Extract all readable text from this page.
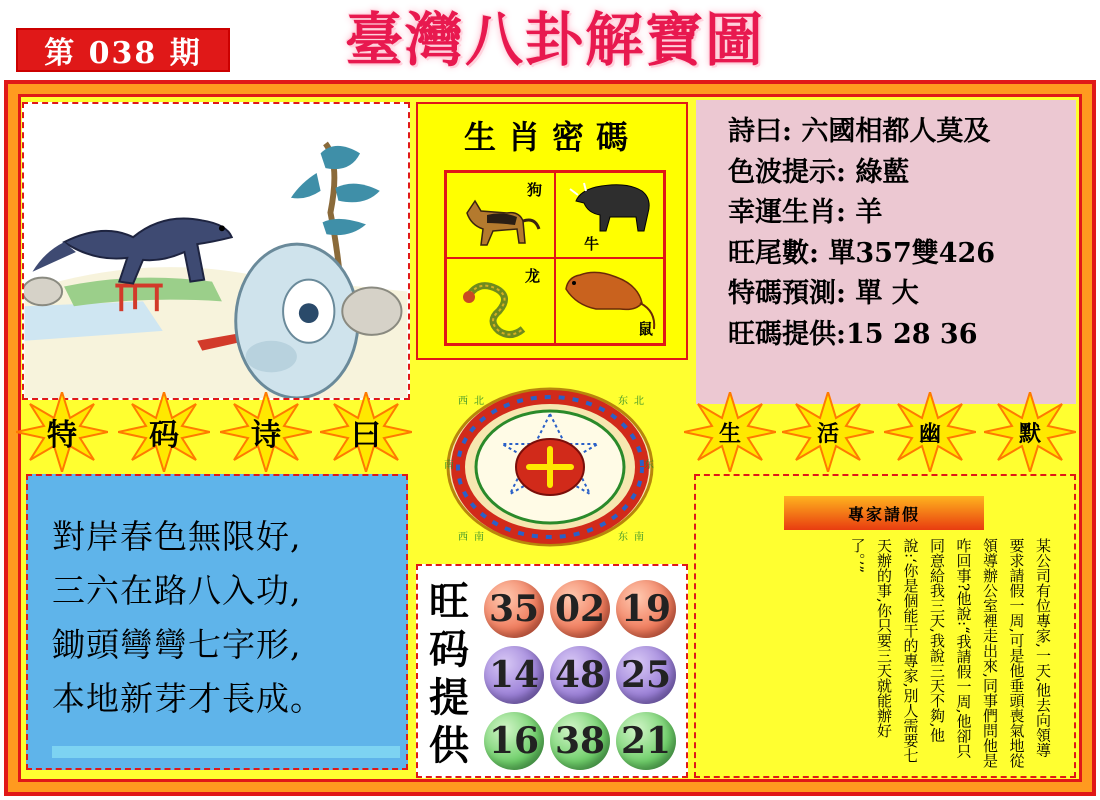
第 038 期	臺灣八卦解寶圖
生肖密碼
狗
牛
龙
鼠
詩曰: 六國相都人莫及
色波提示: 綠藍
幸運生肖: 羊
旺尾數: 單357雙426
特碼預測: 單 大
旺碼提供:15 28 36
特	码	诗	曰	生	活	幽	默
對岸春色無限好,
三六在路八入功,
鋤頭彎彎七字形,
本地新芽才長成。
西 北	东 北
南	东
西 南	东 南
旺
码
提
供
35 02 19
14 48 25
16 38 21
專家請假
某公司有位專家,一天,他去向領導要求請假一周,可是他垂頭喪氣地從領導辦公室裡走出來,同事們問他是咋回事?他說:“我請假一周,他卻只同意給我三天,我說三天不夠,他說:‘你是個能干的專家,別人需要七天辦的事,你只要三天就能辦好了。’”
